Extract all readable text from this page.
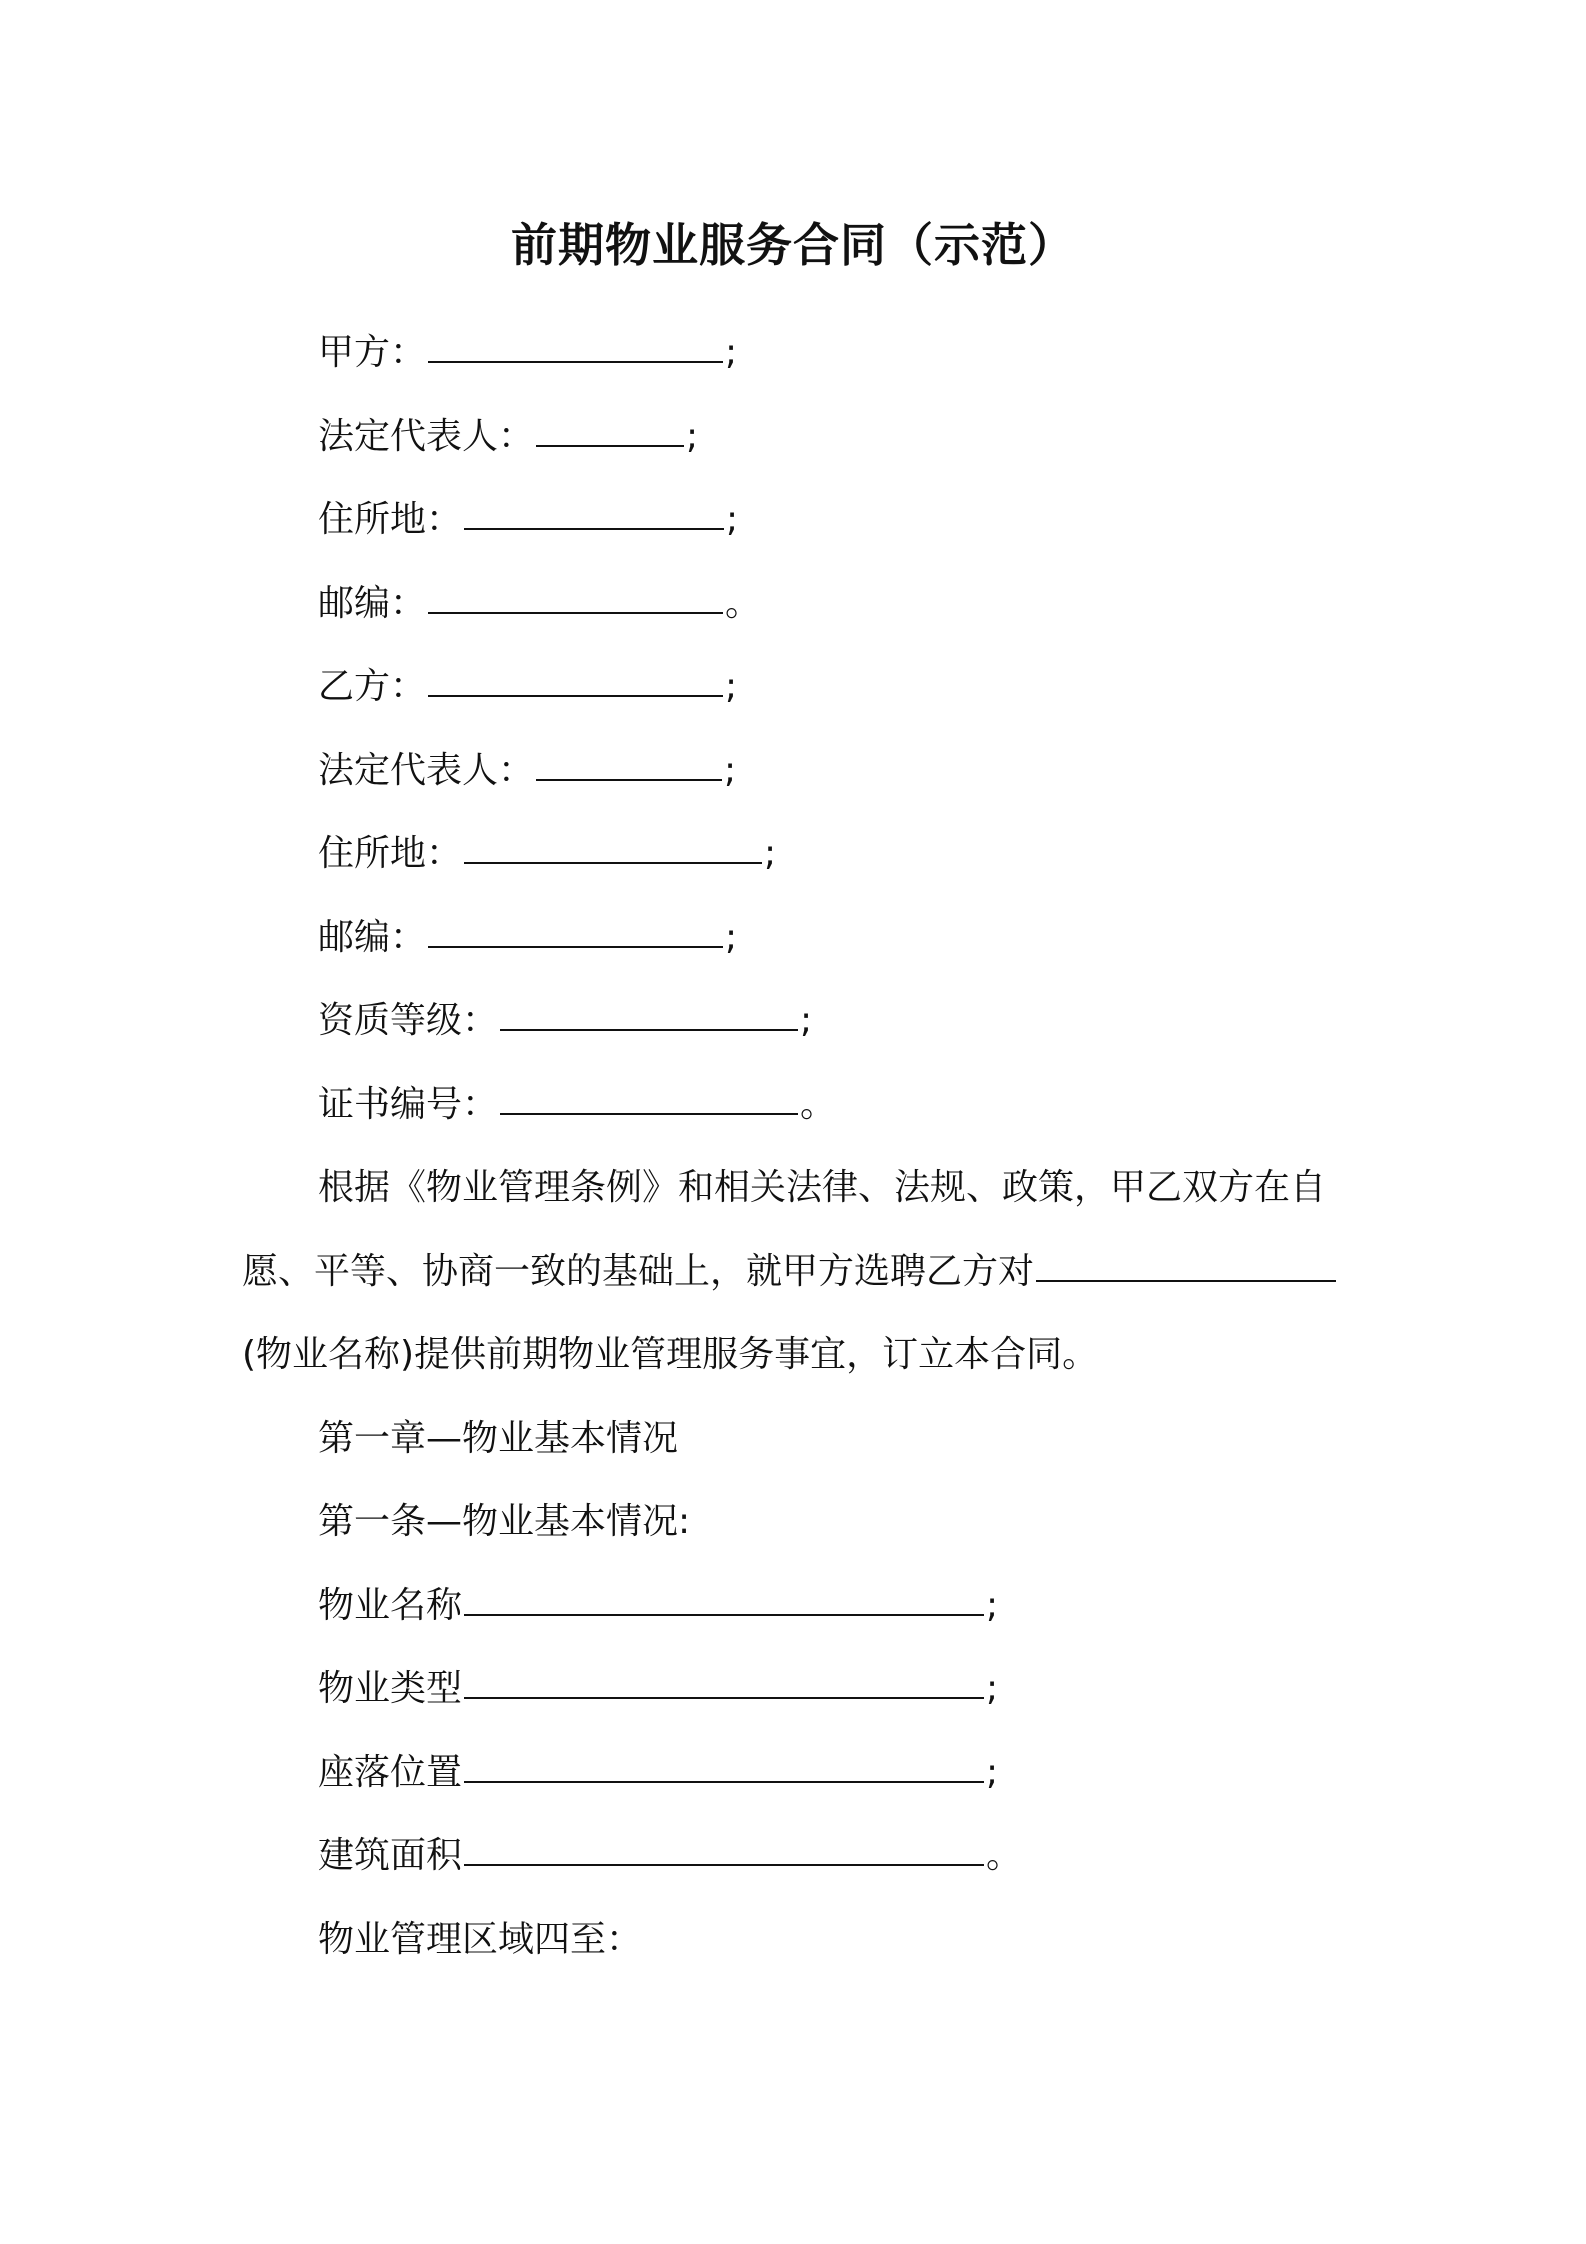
前期物业服务合同（示范）
甲方：	;
法定代表人：	;
住所地：	;
邮编：	。
乙方：	;
法定代表人：	;
住所地：	;
邮编：	;
资质等级：	;
证书编号：	。
根据《物业管理条例》和相关法律、法规、政策，甲乙双方在自
愿、平等、协商一致的基础上，就甲方选聘乙方对
(物业名称)提供前期物业管理服务事宜，订立本合同。
第一章—物业基本情况
第一条—物业基本情况:
物业名称	;
物业类型	;
座落位置	;
建筑面积	。
物业管理区域四至：
